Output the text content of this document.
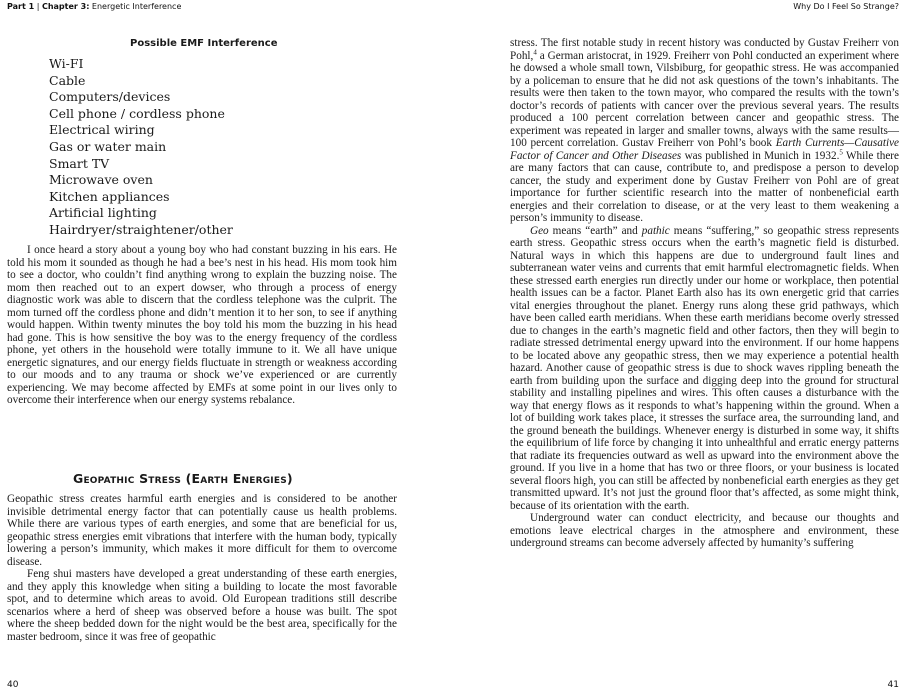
Part 1 | Chapter 3: Energetic Interference
Possible EMF Interference
Wi-FI
Cable
Computers/devices
Cell phone / cordless phone
Electrical wiring
Gas or water main
Smart TV
Microwave oven
Kitchen appliances
Artificial lighting
Hairdryer/straightener/other

I once heard a story about a young boy who had constant buzzing in his ears. He told his mom it sounded as though he had a bee’s nest in his head. His mom took him to see a doctor, who couldn’t find anything wrong to explain the buzzing noise. The mom then reached out to an expert dowser, who through a process of energy diagnostic work was able to discern that the cordless telephone was the culprit. The mom turned off the cordless phone and didn’t mention it to her son, to see if anything would happen. Within twenty minutes the boy told his mom the buzzing in his head had gone. This is how sensitive the boy was to the energy frequency of the cordless phone, yet others in the household were totally immune to it. We all have unique energetic signatures, and our energy fields fluctuate in strength or weakness according to our moods and to any trauma or shock we’ve experienced or are currently experiencing. We may become affected by EMFs at some point in our lives only to overcome their interference when our energy systems rebalance.

Geopathic Stress (Earth Energies)

Geopathic stress creates harmful earth energies and is considered to be another invisible detrimental energy factor that can potentially cause us health problems. While there are various types of earth energies, and some that are beneficial for us, geopathic stress energies emit vibrations that interfere with the human body, typically lowering a person’s immunity, which makes it more difficult for them to overcome disease.

Feng shui masters have developed a great understanding of these earth energies, and they apply this knowledge when siting a building to locate the most favorable spot, and to determine which areas to avoid. Old European traditions still describe scenarios where a herd of sheep was observed before a house was built. The spot where the sheep bedded down for the night would be the best area, specifically for the master bedroom, since it was free of geopathic

40
Why Do I Feel So Strange?

stress. The first notable study in recent history was conducted by Gustav Freiherr von Pohl,$^4$ a German aristocrat, in 1929. Freiherr von Pohl conducted an experiment where he dowsed a whole small town, Vilsbiburg, for geopathic stress. He was accompanied by a policeman to ensure that he did not ask questions of the town’s inhabitants. The results were then taken to the town mayor, who compared the results with the town’s doctor’s records of patients with cancer over the previous several years. The results produced a 100 percent correlation between cancer and geopathic stress. The experiment was repeated in larger and smaller towns, always with the same results—100 percent correlation. Gustav Freiherr von Pohl’s book Earth Currents—Causative Factor of Cancer and Other Diseases was published in Munich in 1932.$^5$ While there are many factors that can cause, contribute to, and predispose a person to develop cancer, the study and experiment done by Gustav Freiherr von Pohl are of great importance for further scientific research into the matter of nonbeneficial earth energies and their correlation to disease, or at the very least to them weakening a person’s immunity to disease.

Geo means “earth” and pathic means “suffering,” so geopathic stress represents earth stress. Geopathic stress occurs when the earth’s magnetic field is disturbed. Natural ways in which this happens are due to underground fault lines and subterranean water veins and currents that emit harmful electromagnetic fields. When these stressed earth energies run directly under our home or workplace, then potential health issues can be a factor. Planet Earth also has its own energetic grid that carries vital energies throughout the planet. Energy runs along these grid pathways, which have been called earth meridians. When these earth meridians become overly stressed due to changes in the earth’s magnetic field and other factors, then they will begin to radiate stressed detrimental energy upward into the environment. If our home happens to be located above any geopathic stress, then we may experience a potential health hazard. Another cause of geopathic stress is due to shock waves rippling beneath the earth from building upon the surface and digging deep into the ground for structural stability and installing pipelines and wires. This often causes a disturbance with the way that energy flows as it responds to what’s happening within the ground. When a lot of building work takes place, it stresses the surface area, the surrounding land, and the ground beneath the buildings. Whenever energy is disturbed in some way, it shifts the equilibrium of life force by changing it into unhealthful and erratic energy patterns that radiate its frequencies outward as well as upward into the environment above the ground. If you live in a home that has two or three floors, or your business is located several floors high, you can still be affected by nonbeneficial earth energies as they get transmitted upward. It’s not just the ground floor that’s affected, as some might think, because of its orientation with the earth.

Underground water can conduct electricity, and because our thoughts and emotions leave electrical charges in the atmosphere and environment, these underground streams can become adversely affected by humanity’s suffering

41
